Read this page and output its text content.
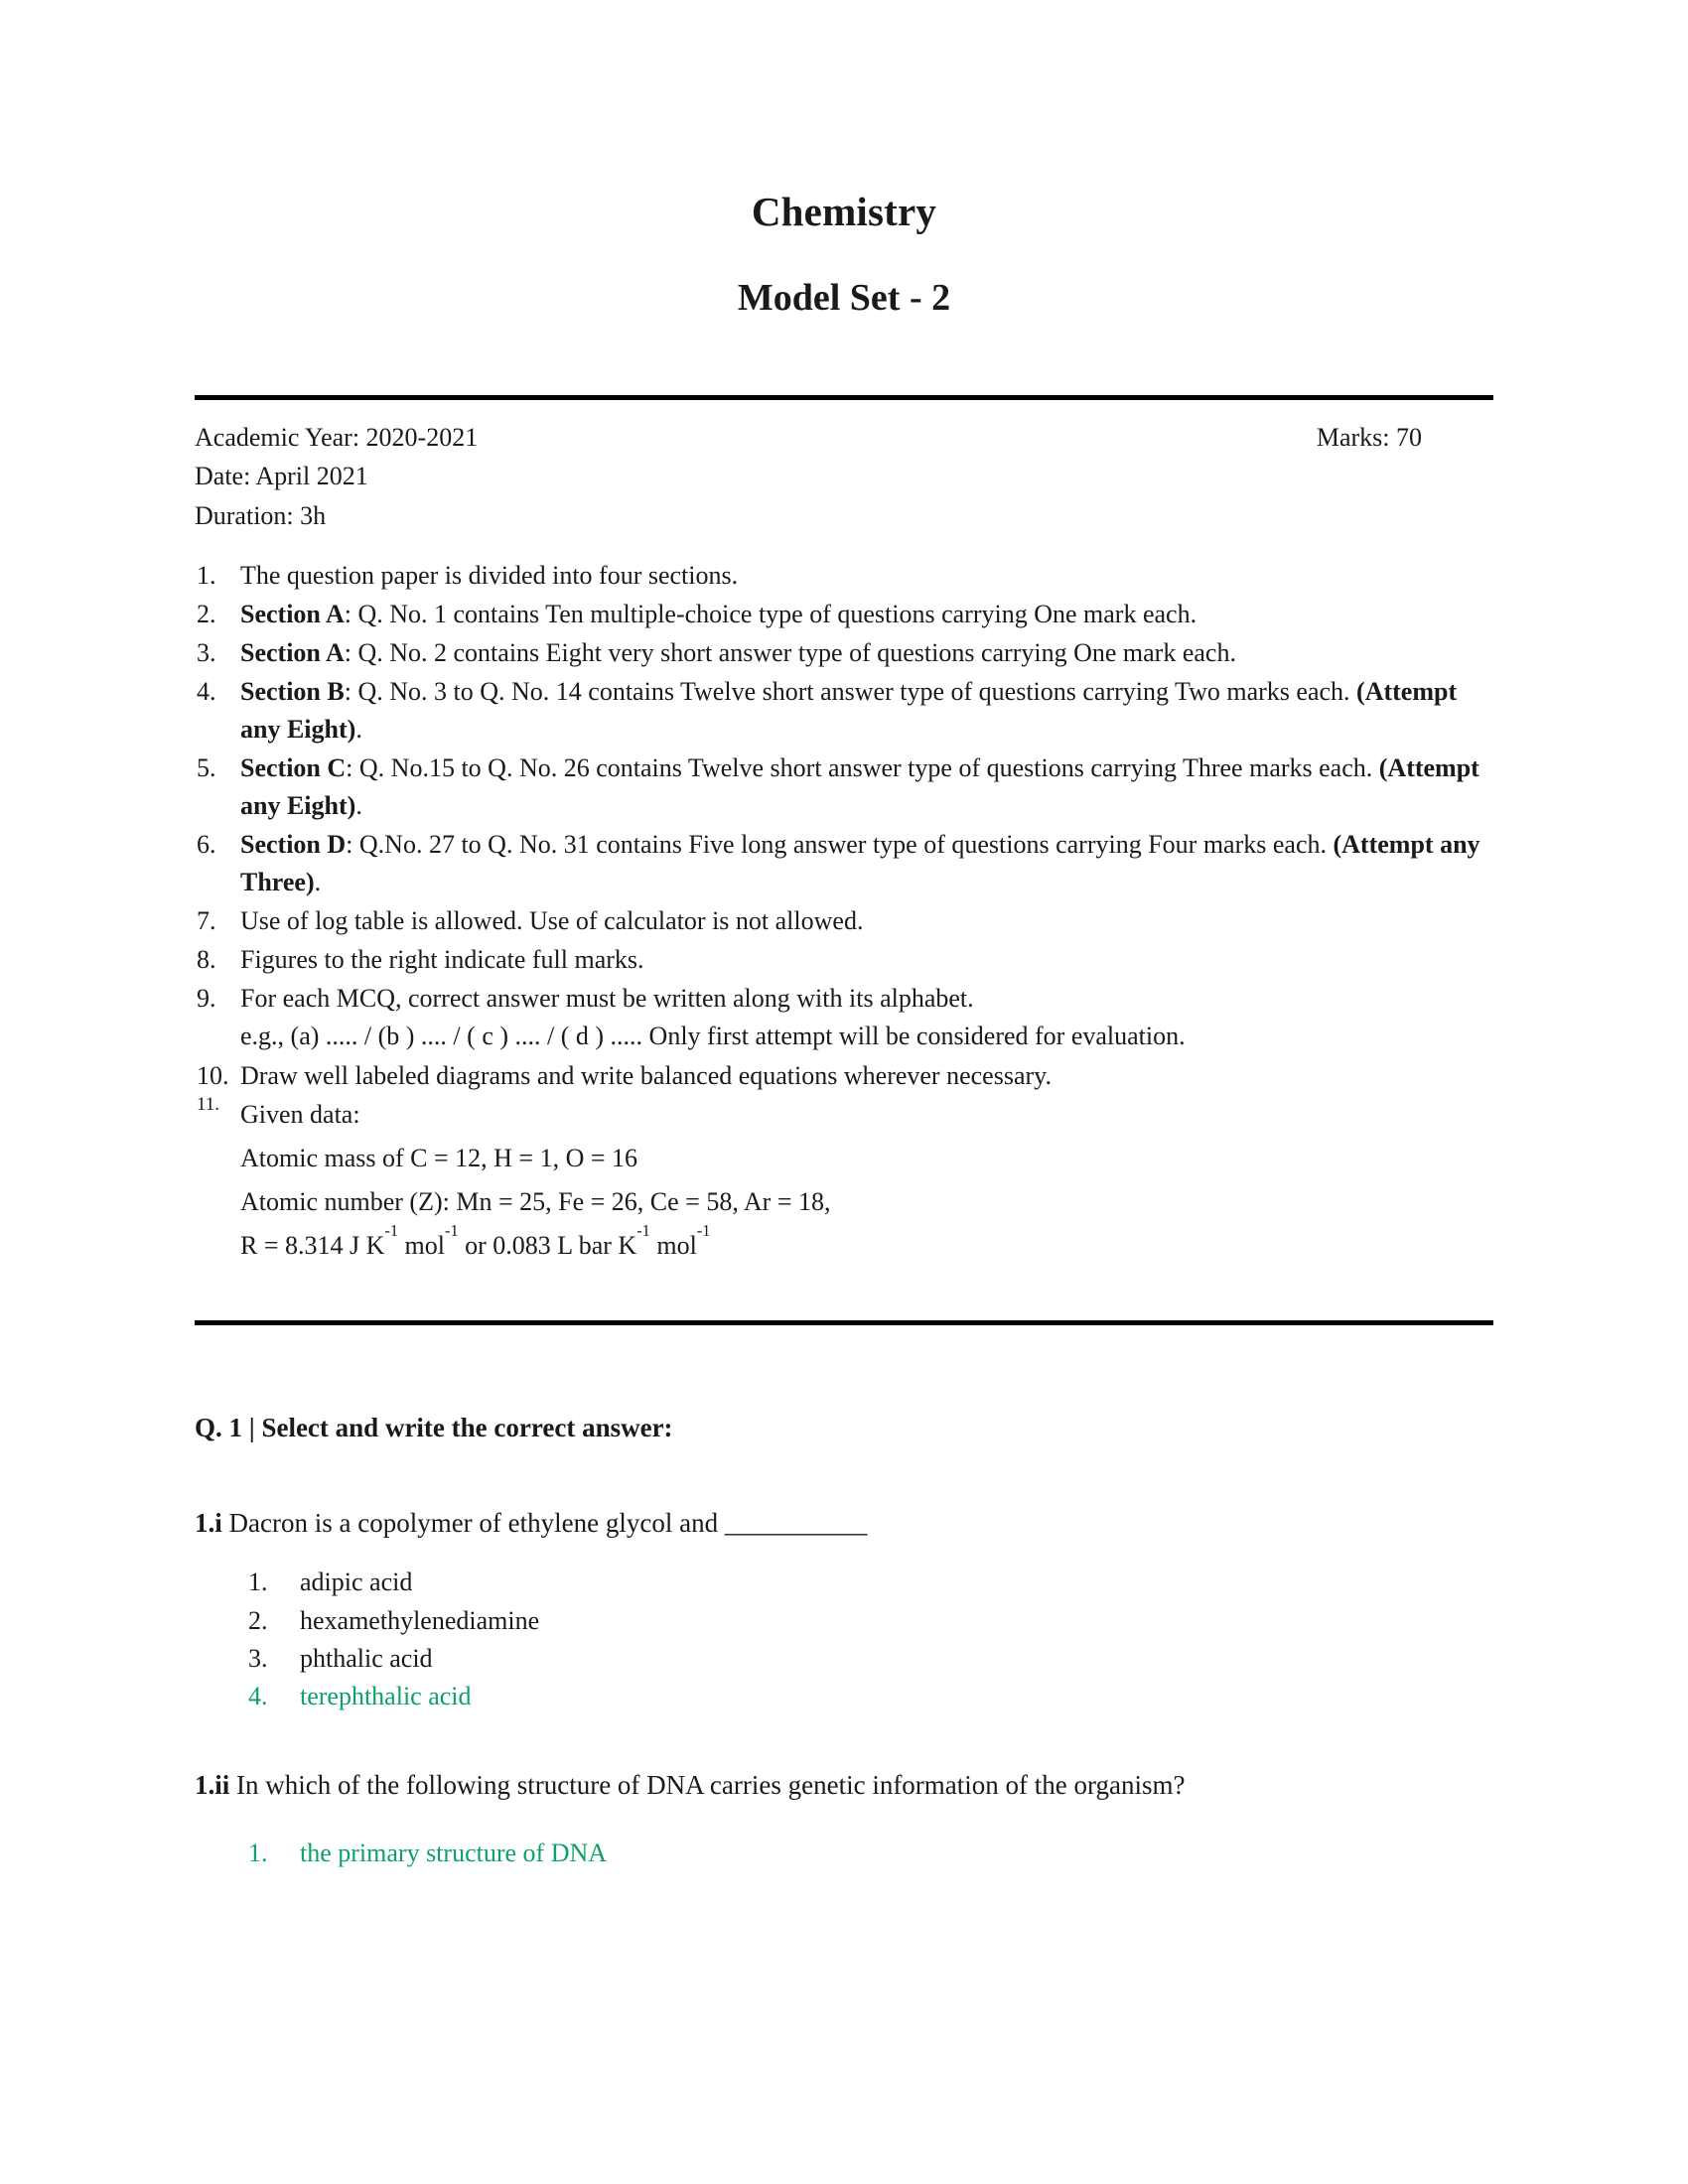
Chemistry
Model Set - 2
Academic Year: 2020-2021
Date: April 2021
Duration: 3h
Marks: 70
1. The question paper is divided into four sections.
2. Section A: Q. No. 1 contains Ten multiple-choice type of questions carrying One mark each.
3. Section A: Q. No. 2 contains Eight very short answer type of questions carrying One mark each.
4. Section B: Q. No. 3 to Q. No. 14 contains Twelve short answer type of questions carrying Two marks each. (Attempt any Eight).
5. Section C: Q. No.15 to Q. No. 26 contains Twelve short answer type of questions carrying Three marks each. (Attempt any Eight).
6. Section D: Q.No. 27 to Q. No. 31 contains Five long answer type of questions carrying Four marks each. (Attempt any Three).
7. Use of log table is allowed. Use of calculator is not allowed.
8. Figures to the right indicate full marks.
9. For each MCQ, correct answer must be written along with its alphabet.
e.g., (a) ..... / (b ) .... / ( c ) .... / ( d ) ..... Only first attempt will be considered for evaluation.
10. Draw well labeled diagrams and write balanced equations wherever necessary.
11. Given data:
Atomic mass of C = 12, H = 1, O = 16
Atomic number (Z): Mn = 25, Fe = 26, Ce = 58, Ar = 18,
R = 8.314 J $K^{-1}$ mol$^{-1}$ or 0.083 L bar $K^{-1}$ mol$^{-1}$
Q. 1 | Select and write the correct answer:
1.i Dacron is a copolymer of ethylene glycol and ___________
1.	adipic acid
2.	hexamethylenediamine
3.	phthalic acid
4.	terephthalic acid
1.ii In which of the following structure of DNA carries genetic information of the organism?
1.	the primary structure of DNA
